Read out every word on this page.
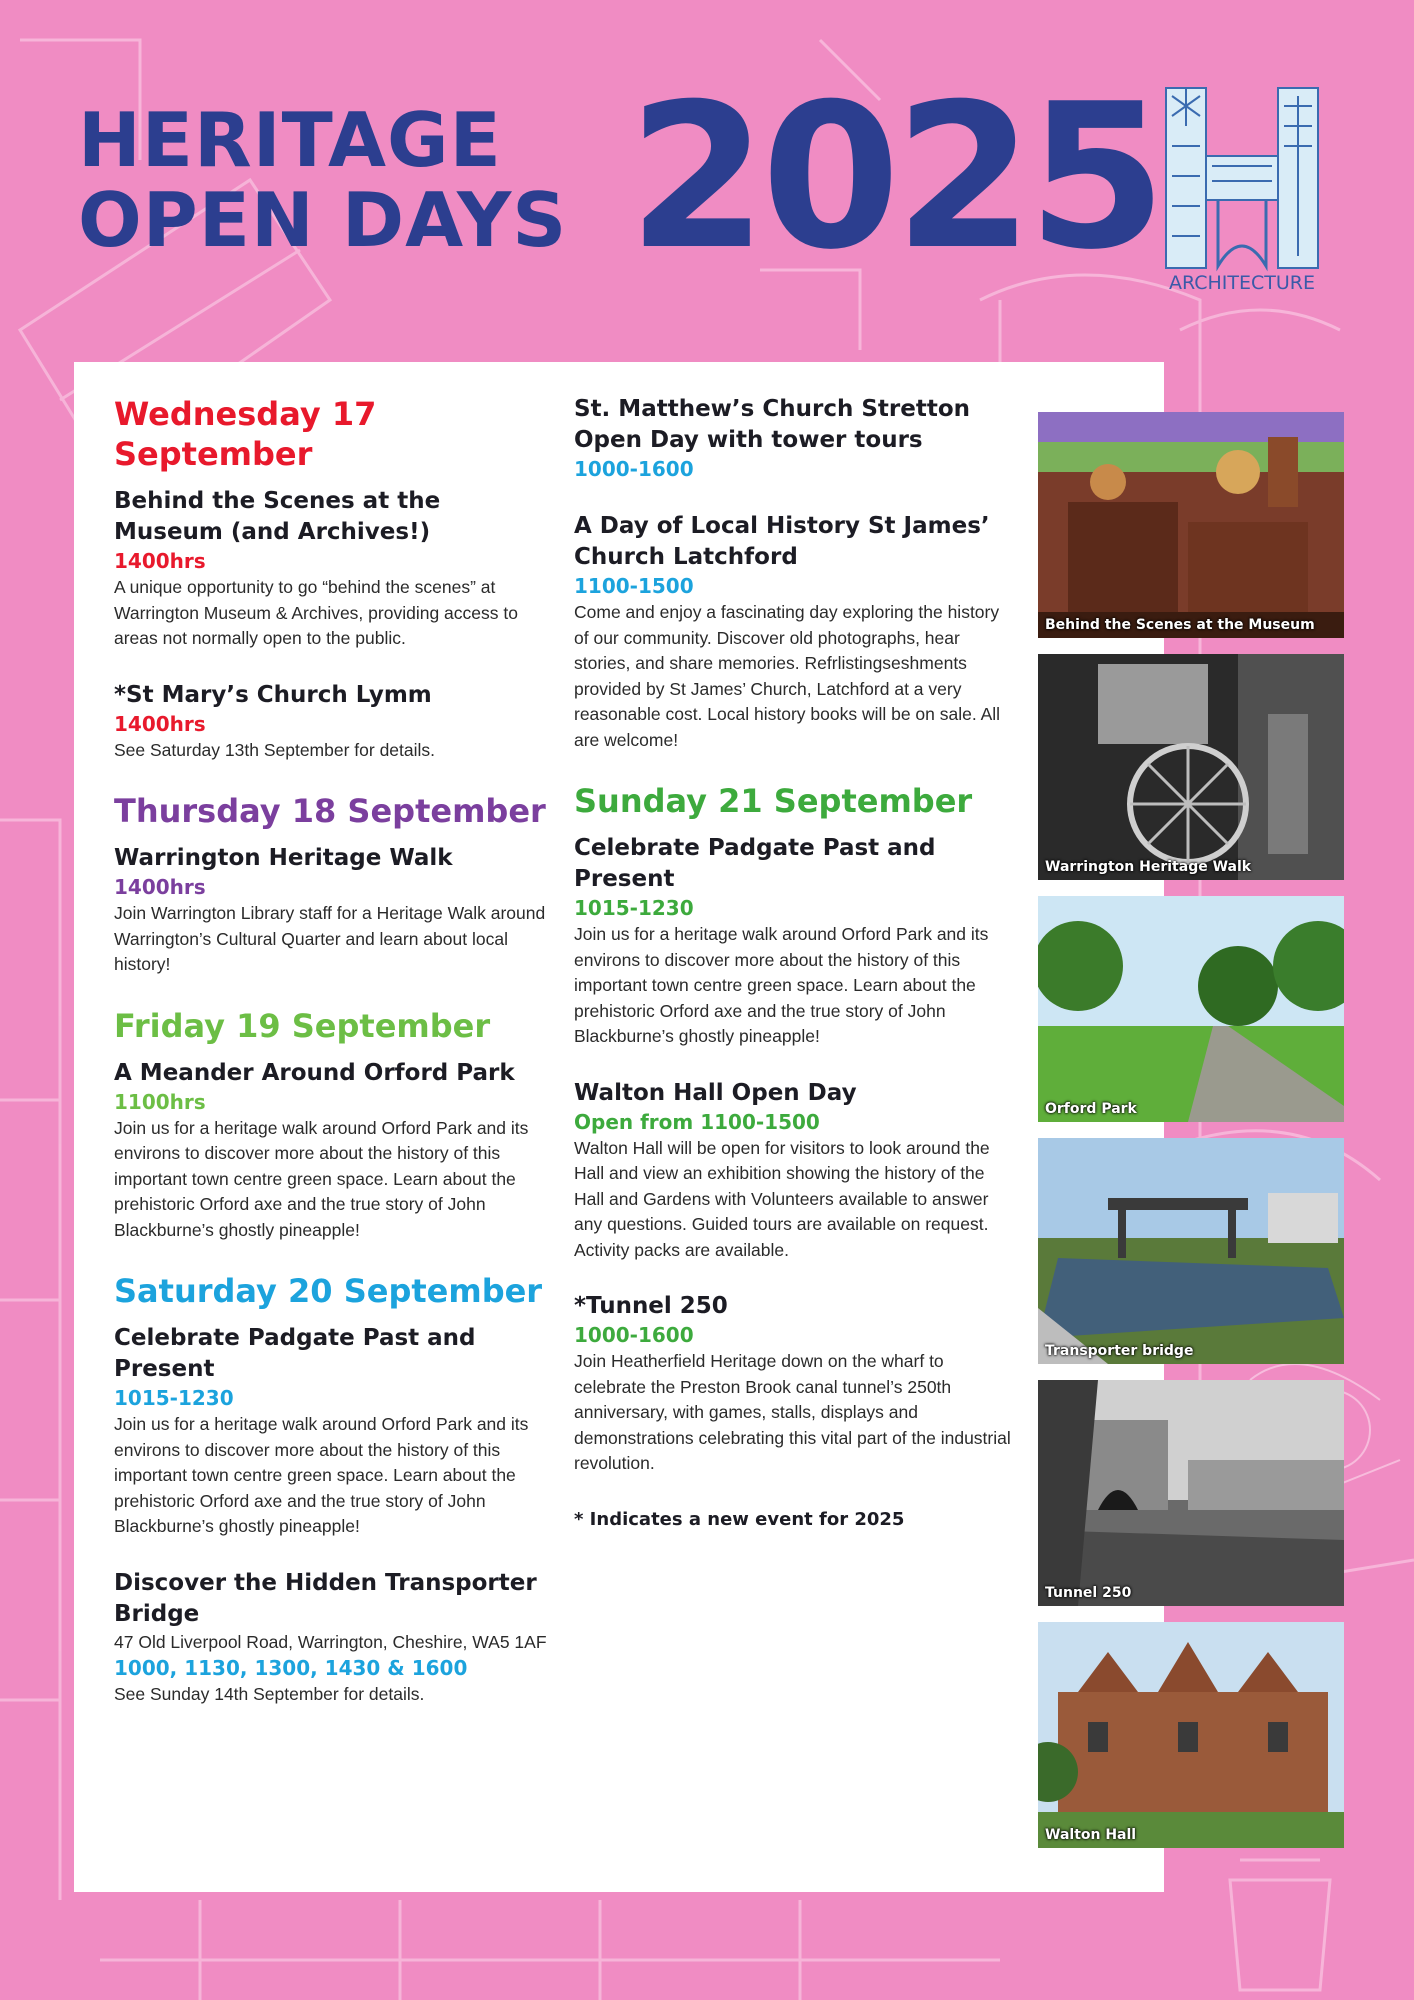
HERITAGE
OPEN DAYS 2025 ARCHITECTURE
Wednesday 17 September
Behind the Scenes at the Museum (and Archives!)
1400hrs
A unique opportunity to go “behind the scenes” at Warrington Museum & Archives, providing access to areas not normally open to the public.
*St Mary’s Church Lymm
1400hrs
See Saturday 13th September for details.
Thursday 18 September
Warrington Heritage Walk
1400hrs
Join Warrington Library staff for a Heritage Walk around Warrington’s Cultural Quarter and learn about local history!
Friday 19 September
A Meander Around Orford Park
1100hrs
Join us for a heritage walk around Orford Park and its environs to discover more about the history of this important town centre green space. Learn about the prehistoric Orford axe and the true story of John Blackburne’s ghostly pineapple!
Saturday 20 September
Celebrate Padgate Past and Present
1015-1230
Join us for a heritage walk around Orford Park and its environs to discover more about the history of this important town centre green space. Learn about the prehistoric Orford axe and the true story of John Blackburne’s ghostly pineapple!
Discover the Hidden Transporter Bridge
47 Old Liverpool Road, Warrington, Cheshire, WA5 1AF
1000, 1130, 1300, 1430 & 1600
See Sunday 14th September for details.
St. Matthew’s Church Stretton Open Day with tower tours
1000-1600
A Day of Local History St James’ Church Latchford
1100-1500
Come and enjoy a fascinating day exploring the history of our community. Discover old photographs, hear stories, and share memories. Refrlistingseshments provided by St James’ Church, Latchford at a very reasonable cost. Local history books will be on sale. All are welcome!
Sunday 21 September
Celebrate Padgate Past and Present
1015-1230
Join us for a heritage walk around Orford Park and its environs to discover more about the history of this important town centre green space. Learn about the prehistoric Orford axe and the true story of John Blackburne’s ghostly pineapple!
Walton Hall Open Day
Open from 1100-1500
Walton Hall will be open for visitors to look around the Hall and view an exhibition showing the history of the Hall and Gardens with Volunteers available to answer any questions. Guided tours are available on request. Activity packs are available.
*Tunnel 250
1000-1600
Join Heatherfield Heritage down on the wharf to celebrate the Preston Brook canal tunnel’s 250th anniversary, with games, stalls, displays and demonstrations celebrating this vital part of the industrial revolution.
* Indicates a new event for 2025
Behind the Scenes at the Museum
Warrington Heritage Walk
Orford Park
Transporter bridge
Tunnel 250
Walton Hall
